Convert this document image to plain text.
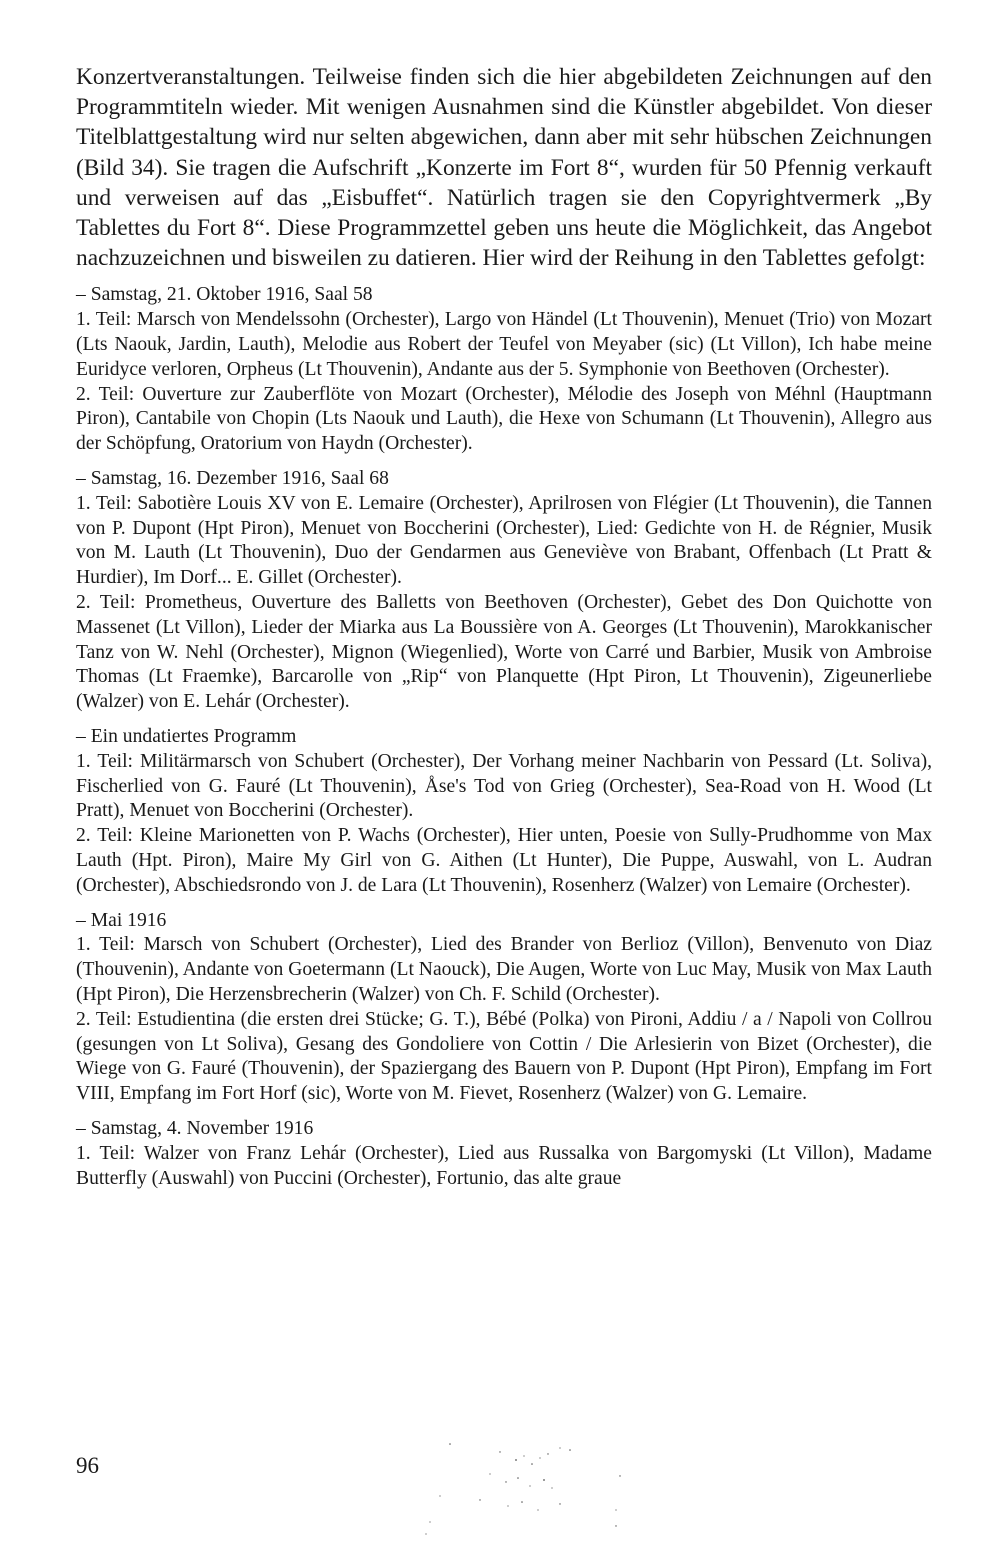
Konzertveranstaltungen. Teilweise finden sich die hier abgebildeten Zeichnungen auf den Programmtiteln wieder. Mit wenigen Ausnahmen sind die Künstler abgebildet. Von dieser Titelblattgestaltung wird nur selten abgewichen, dann aber mit sehr hübschen Zeichnungen (Bild 34). Sie tragen die Aufschrift „Konzerte im Fort 8“, wurden für 50 Pfennig verkauft und verweisen auf das „Eisbuffet“. Natürlich tragen sie den Copyrightvermerk „By Tablettes du Fort 8“. Diese Programmzettel geben uns heute die Möglichkeit, das Angebot nachzuzeichnen und bisweilen zu datieren. Hier wird der Reihung in den Tablettes gefolgt:

– Samstag, 21. Oktober 1916, Saal 58

1. Teil: Marsch von Mendelssohn (Orchester), Largo von Händel (Lt Thouvenin), Menuet (Trio) von Mozart (Lts Naouk, Jardin, Lauth), Melodie aus Robert der Teufel von Meyaber (sic) (Lt Villon), Ich habe meine Euridyce verloren, Orpheus (Lt Thouvenin), Andante aus der 5. Symphonie von Beethoven (Orchester).

2. Teil: Ouverture zur Zauberflöte von Mozart (Orchester), Mélodie des Joseph von Méhnl (Hauptmann Piron), Cantabile von Chopin (Lts Naouk und Lauth), die Hexe von Schumann (Lt Thouvenin), Allegro aus der Schöpfung, Oratorium von Haydn (Orchester).

– Samstag, 16. Dezember 1916, Saal 68

1. Teil: Sabotière Louis XV von E. Lemaire (Orchester), Aprilrosen von Flégier (Lt Thouvenin), die Tannen von P. Dupont (Hpt Piron), Menuet von Boccherini (Orchester), Lied: Gedichte von H. de Régnier, Musik von M. Lauth (Lt Thouvenin), Duo der Gendarmen aus Geneviève von Brabant, Offenbach (Lt Pratt & Hurdier), Im Dorf... E. Gillet (Orchester).

2. Teil: Prometheus, Ouverture des Balletts von Beethoven (Orchester), Gebet des Don Quichotte von Massenet (Lt Villon), Lieder der Miarka aus La Boussière von A. Georges (Lt Thouvenin), Marokkanischer Tanz von W. Nehl (Orchester), Mignon (Wiegenlied), Worte von Carré und Barbier, Musik von Ambroise Thomas (Lt Fraemke), Barcarolle von „Rip“ von Planquette (Hpt Piron, Lt Thouvenin), Zigeunerliebe (Walzer) von E. Lehár (Orchester).

– Ein undatiertes Programm

1. Teil: Militärmarsch von Schubert (Orchester), Der Vorhang meiner Nachbarin von Pessard (Lt. Soliva), Fischerlied von G. Fauré (Lt Thouvenin), Åse's Tod von Grieg (Orchester), Sea-Road von H. Wood (Lt Pratt), Menuet von Boccherini (Orchester).

2. Teil: Kleine Marionetten von P. Wachs (Orchester), Hier unten, Poesie von Sully-Prudhomme von Max Lauth (Hpt. Piron), Maire My Girl von G. Aithen (Lt Hunter), Die Puppe, Auswahl, von L. Audran (Orchester), Abschiedsrondo von J. de Lara (Lt Thouvenin), Rosenherz (Walzer) von Lemaire (Orchester).

– Mai 1916

1. Teil: Marsch von Schubert (Orchester), Lied des Brander von Berlioz (Villon), Benvenuto von Diaz (Thouvenin), Andante von Goetermann (Lt Naouck), Die Augen, Worte von Luc May, Musik von Max Lauth (Hpt Piron), Die Herzensbrecherin (Walzer) von Ch. F. Schild (Orchester).

2. Teil: Estudientina (die ersten drei Stücke; G. T.), Bébé (Polka) von Pironi, Addiu / a / Napoli von Collrou (gesungen von Lt Soliva), Gesang des Gondoliere von Cottin / Die Arlesierin von Bizet (Orchester), die Wiege von G. Fauré (Thouvenin), der Spaziergang des Bauern von P. Dupont (Hpt Piron), Empfang im Fort VIII, Empfang im Fort Horf (sic), Worte von M. Fievet, Rosenherz (Walzer) von G. Lemaire.

– Samstag, 4. November 1916

1. Teil: Walzer von Franz Lehár (Orchester), Lied aus Russalka von Bargomyski (Lt Villon), Madame Butterfly (Auswahl) von Puccini (Orchester), Fortunio, das alte graue

96
